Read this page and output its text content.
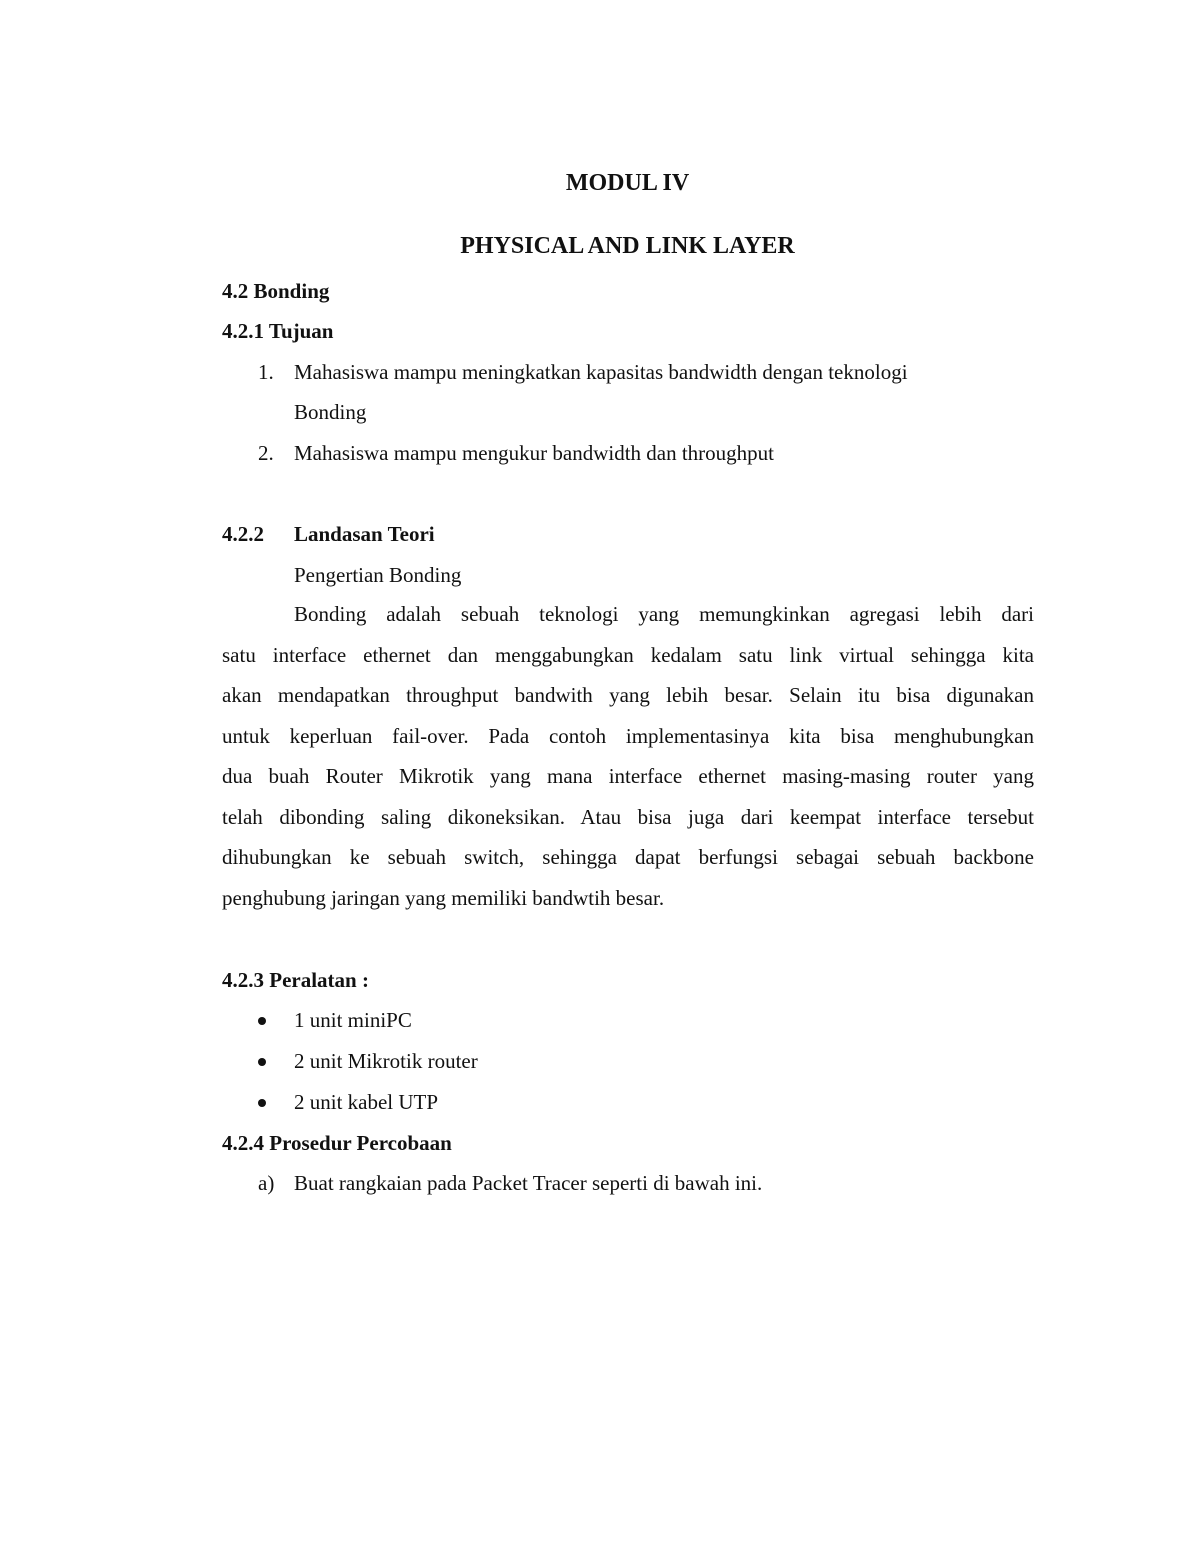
MODUL IV
PHYSICAL AND LINK LAYER
4.2 Bonding
4.2.1 Tujuan
1. Mahasiswa mampu meningkatkan kapasitas bandwidth dengan teknologi
Bonding
2. Mahasiswa mampu mengukur bandwidth dan throughput
4.2.2 Landasan Teori
Pengertian Bonding
Bonding adalah sebuah teknologi yang memungkinkan agregasi lebih dari
satu interface ethernet dan menggabungkan kedalam satu link virtual sehingga kita
akan mendapatkan throughput bandwith yang lebih besar. Selain itu bisa digunakan
untuk keperluan fail-over. Pada contoh implementasinya kita bisa menghubungkan
dua buah Router Mikrotik yang mana interface ethernet masing-masing router yang
telah dibonding saling dikoneksikan. Atau bisa juga dari keempat interface tersebut
dihubungkan ke sebuah switch, sehingga dapat berfungsi sebagai sebuah backbone
penghubung jaringan yang memiliki bandwtih besar.
4.2.3 Peralatan :
1 unit miniPC
2 unit Mikrotik router
2 unit kabel UTP
4.2.4 Prosedur Percobaan
a) Buat rangkaian pada Packet Tracer seperti di bawah ini.
